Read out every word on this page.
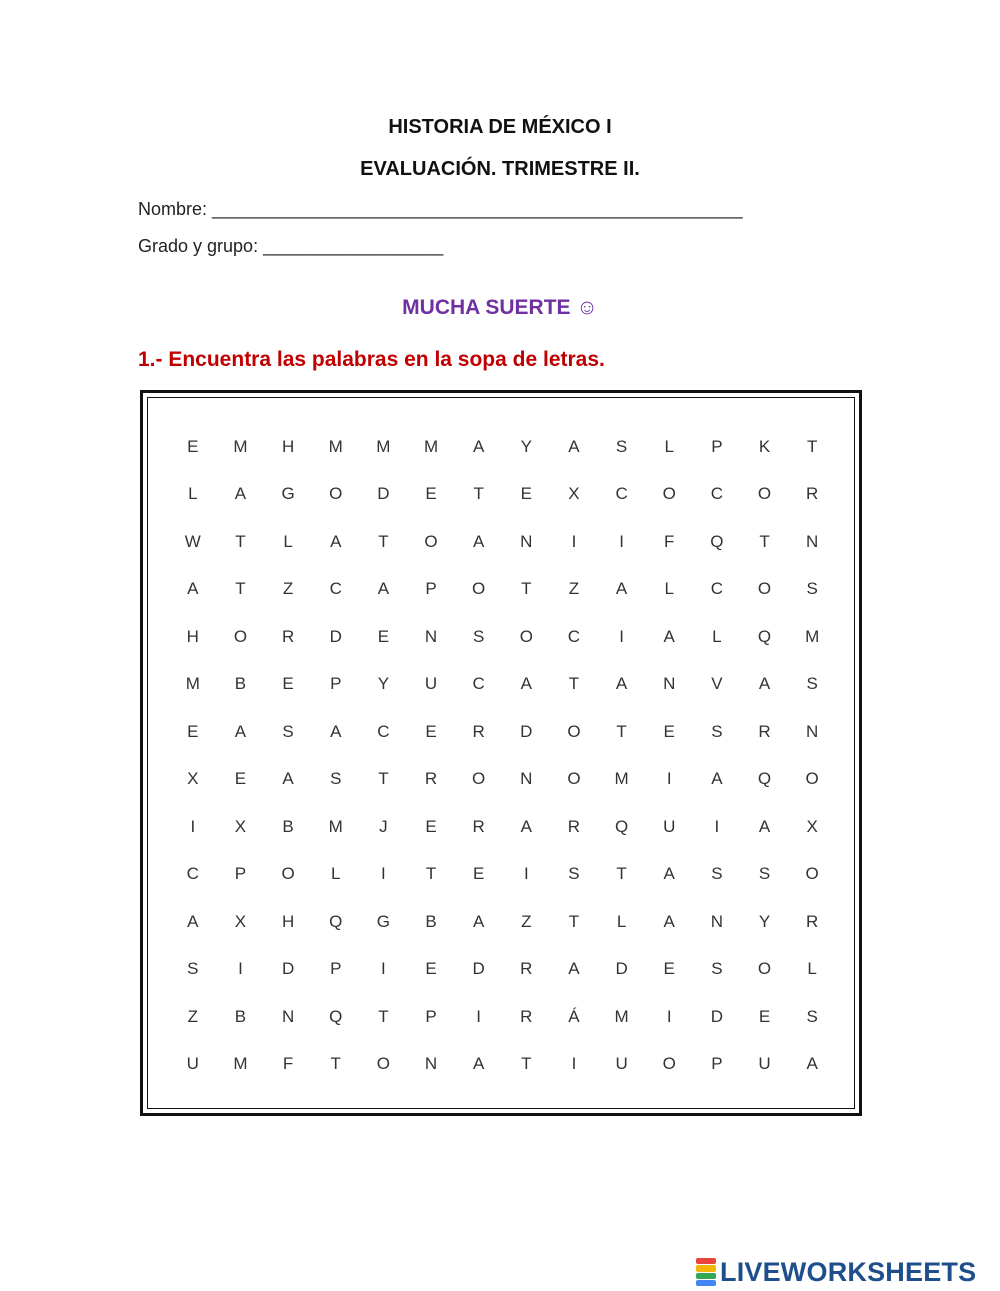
HISTORIA DE MÉXICO I
EVALUACIÓN. TRIMESTRE II.
Nombre: _____________________________________________________
Grado y grupo: __________________
MUCHA SUERTE ☺
1.- Encuentra las palabras en la sopa de letras.
E	M	H	M	M	M	A	Y	A	S	L	P	K	T
L	A	G	O	D	E	T	E	X	C	O	C	O	R
W	T	L	A	T	O	A	N	I	I	F	Q	T	N
A	T	Z	C	A	P	O	T	Z	A	L	C	O	S
H	O	R	D	E	N	S	O	C	I	A	L	Q	M
M	B	E	P	Y	U	C	A	T	A	N	V	A	S
E	A	S	A	C	E	R	D	O	T	E	S	R	N
X	E	A	S	T	R	O	N	O	M	I	A	Q	O
I	X	B	M	J	E	R	A	R	Q	U	I	A	X
C	P	O	L	I	T	E	I	S	T	A	S	S	O
A	X	H	Q	G	B	A	Z	T	L	A	N	Y	R
S	I	D	P	I	E	D	R	A	D	E	S	O	L
Z	B	N	Q	T	P	I	R	Á	M	I	D	E	S
U	M	F	T	O	N	A	T	I	U	O	P	U	A
LIVEWORKSHEETS
